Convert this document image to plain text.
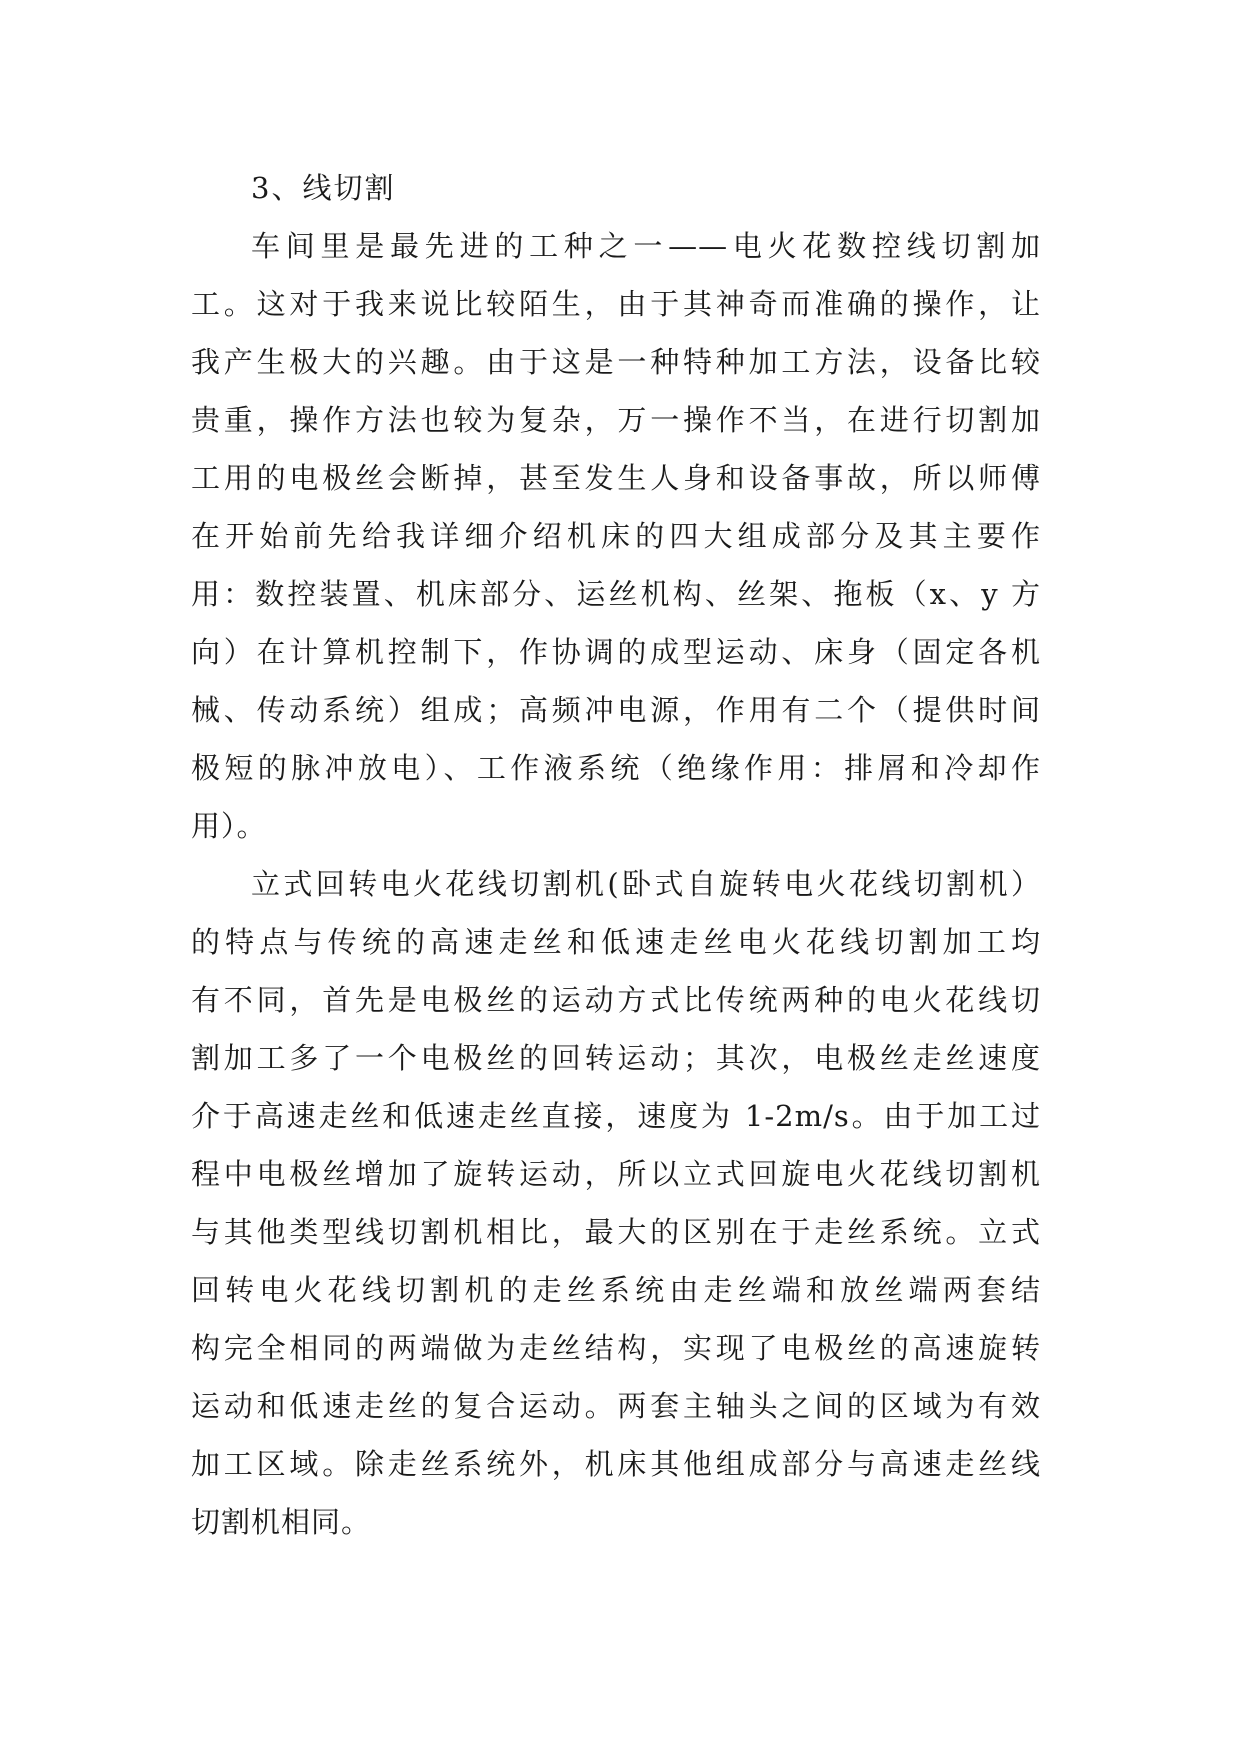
3、线切割
车间里是最先进的工种之一——电火花数控线切割加
工。这对于我来说比较陌生，由于其神奇而准确的操作，让
我产生极大的兴趣。由于这是一种特种加工方法，设备比较
贵重，操作方法也较为复杂，万一操作不当，在进行切割加
工用的电极丝会断掉，甚至发生人身和设备事故，所以师傅
在开始前先给我详细介绍机床的四大组成部分及其主要作
用：数控装置、机床部分、运丝机构、丝架、拖板（x、y 方
向）在计算机控制下，作协调的成型运动、床身（固定各机
械、传动系统）组成；高频冲电源，作用有二个（提供时间
极短的脉冲放电）、工作液系统（绝缘作用：排屑和冷却作
用）。
立式回转电火花线切割机(卧式自旋转电火花线切割机）
的特点与传统的高速走丝和低速走丝电火花线切割加工均
有不同，首先是电极丝的运动方式比传统两种的电火花线切
割加工多了一个电极丝的回转运动；其次，电极丝走丝速度
介于高速走丝和低速走丝直接，速度为 1-2m/s。由于加工过
程中电极丝增加了旋转运动，所以立式回旋电火花线切割机
与其他类型线切割机相比，最大的区别在于走丝系统。立式
回转电火花线切割机的走丝系统由走丝端和放丝端两套结
构完全相同的两端做为走丝结构，实现了电极丝的高速旋转
运动和低速走丝的复合运动。两套主轴头之间的区域为有效
加工区域。除走丝系统外，机床其他组成部分与高速走丝线
切割机相同。
